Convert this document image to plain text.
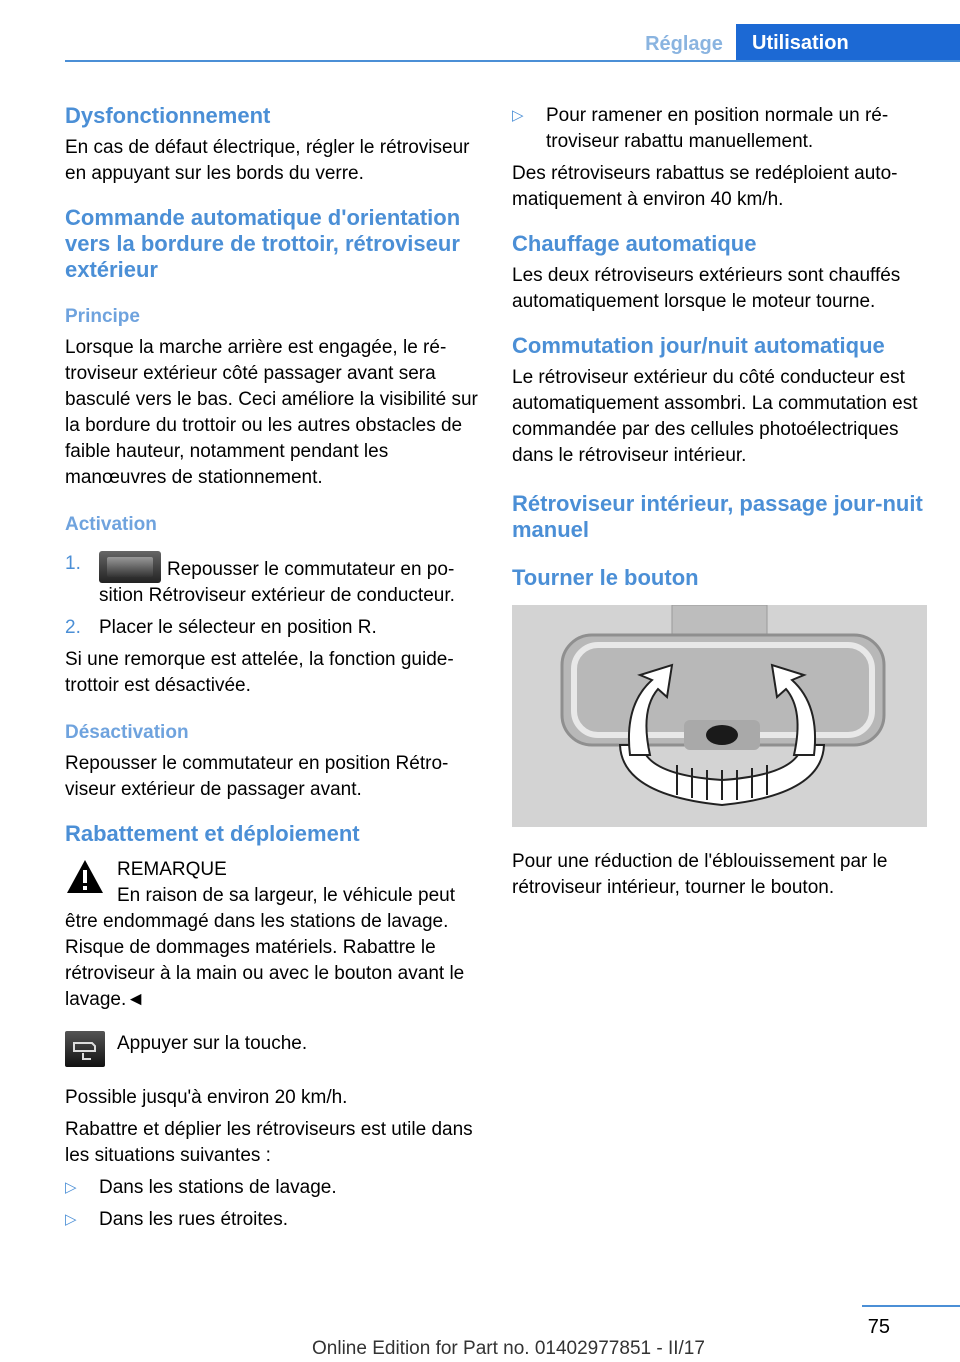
Réglage	Utilisation
Dysfonctionnement

En cas de défaut électrique, régler le rétroviseur en appuyant sur les bords du verre.

Commande automatique d'orientation vers la bordure de trottoir, rétroviseur extérieur
Principe

Lorsque la marche arrière est engagée, le rétroviseur extérieur côté passager avant sera basculé vers le bas. Ceci améliore la visibilité sur la bordure du trottoir ou les autres obstacles de faible hauteur, notamment pendant les manœuvres de stationnement.

Activation
1.	Repousser le commutateur en position Rétroviseur extérieur de conducteur.

2. Placer le sélecteur en position R.

Si une remorque est attelée, la fonction guide-trottoir est désactivée.

Désactivation

Repousser le commutateur en position Rétroviseur extérieur de passager avant.

Rabattement et déploiement

REMARQUE

En raison de sa largeur, le véhicule peut

être endommagé dans les stations de lavage. Risque de dommages matériels. Rabattre le rétroviseur à la main ou avec le bouton avant le lavage.◄

Appuyer sur la touche.

Possible jusqu'à environ 20 km/h.

Rabattre et déplier les rétroviseurs est utile dans les situations suivantes :

▷	Dans les stations de lavage.

▷	Dans les rues étroites.

▷	Pour ramener en position normale un rétroviseur rabattu manuellement.

Des rétroviseurs rabattus se redéploient automatiquement à environ 40 km/h.

Chauffage automatique

Les deux rétroviseurs extérieurs sont chauffés automatiquement lorsque le moteur tourne.

Commutation jour/nuit automatique

Le rétroviseur extérieur du côté conducteur est automatiquement assombri. La commutation est commandée par des cellules photoélectriques dans le rétroviseur intérieur.

Rétroviseur intérieur, passage jour-nuit manuel
Tourner le bouton

Pour une réduction de l'éblouissement par le rétroviseur intérieur, tourner le bouton.

75
Online Edition for Part no. 01402977851 - II/17
